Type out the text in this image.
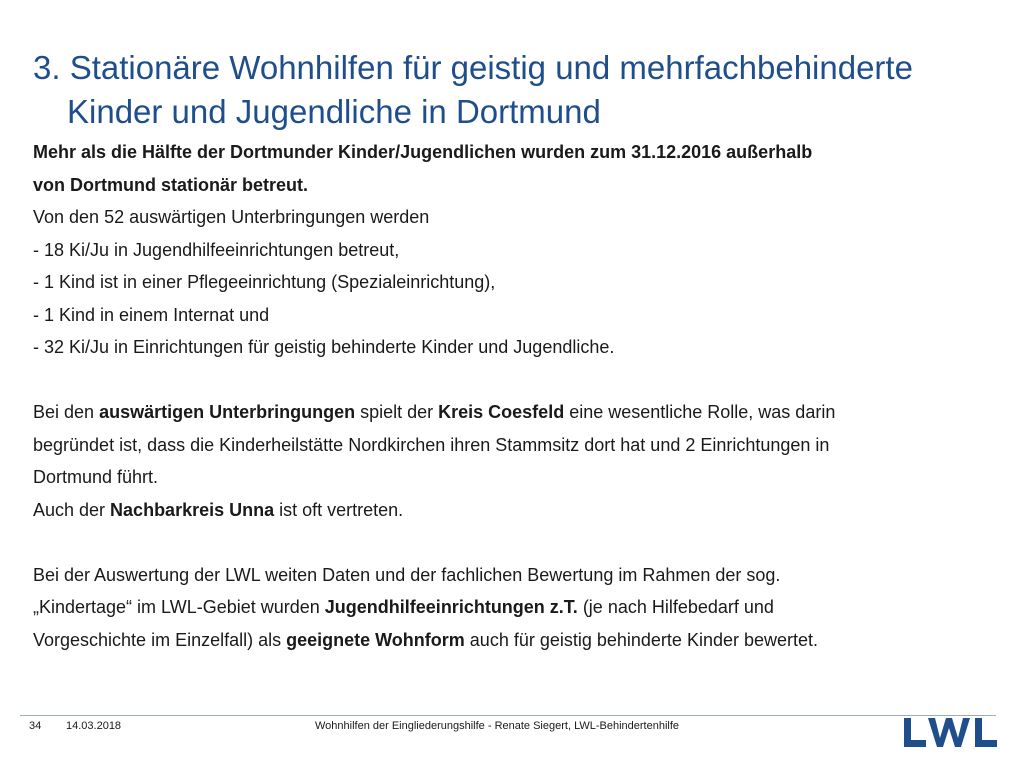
3. Stationäre Wohnhilfen für geistig und mehrfachbehinderte
Kinder und Jugendliche in Dortmund
Mehr als die Hälfte der Dortmunder Kinder/Jugendlichen wurden zum 31.12.2016 außerhalb
von Dortmund stationär betreut.
Von den 52 auswärtigen Unterbringungen werden
- 18 Ki/Ju in Jugendhilfeeinrichtungen betreut,
- 1 Kind ist in einer Pflegeeinrichtung (Spezialeinrichtung),
- 1 Kind in einem Internat und
- 32 Ki/Ju in Einrichtungen für geistig behinderte Kinder und Jugendliche.
Bei den auswärtigen Unterbringungen spielt der Kreis Coesfeld eine wesentliche Rolle, was darin
begründet ist, dass die Kinderheilstätte Nordkirchen ihren Stammsitz dort hat und 2 Einrichtungen in
Dortmund führt.
Auch der Nachbarkreis Unna ist oft vertreten.
Bei der Auswertung der LWL weiten Daten und der fachlichen Bewertung im Rahmen der sog.
„Kindertage“ im LWL-Gebiet wurden Jugendhilfeeinrichtungen z.T. (je nach Hilfebedarf und
Vorgeschichte im Einzelfall) als geeignete Wohnform auch für geistig behinderte Kinder bewertet.
34 14.03.2018	Wohnhilfen der Eingliederungshilfe - Renate Siegert, LWL-Behindertenhilfe
